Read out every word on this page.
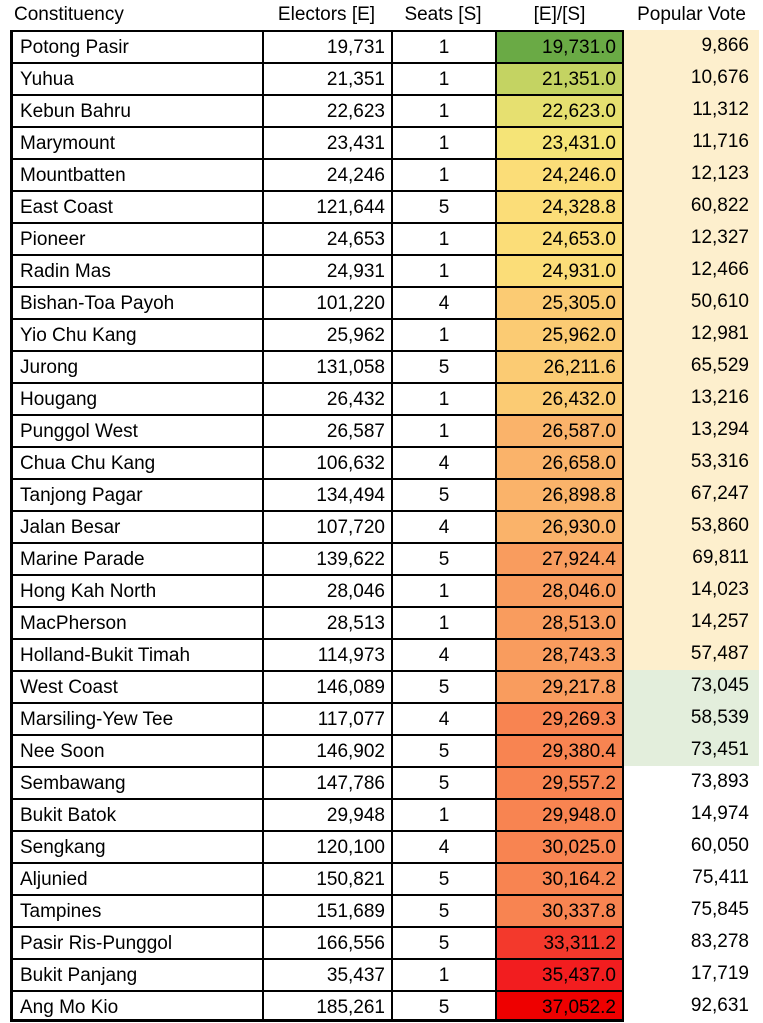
Constituency	Electors [E]	Seats [S]	[E]/[S]	Popular Vote
Potong Pasir	19,731	1	19,731.0	9,866
Yuhua	21,351	1	21,351.0	10,676
Kebun Bahru	22,623	1	22,623.0	11,312
Marymount	23,431	1	23,431.0	11,716
Mountbatten	24,246	1	24,246.0	12,123
East Coast	121,644	5	24,328.8	60,822
Pioneer	24,653	1	24,653.0	12,327
Radin Mas	24,931	1	24,931.0	12,466
Bishan-Toa Payoh	101,220	4	25,305.0	50,610
Yio Chu Kang	25,962	1	25,962.0	12,981
Jurong	131,058	5	26,211.6	65,529
Hougang	26,432	1	26,432.0	13,216
Punggol West	26,587	1	26,587.0	13,294
Chua Chu Kang	106,632	4	26,658.0	53,316
Tanjong Pagar	134,494	5	26,898.8	67,247
Jalan Besar	107,720	4	26,930.0	53,860
Marine Parade	139,622	5	27,924.4	69,811
Hong Kah North	28,046	1	28,046.0	14,023
MacPherson	28,513	1	28,513.0	14,257
Holland-Bukit Timah	114,973	4	28,743.3	57,487
West Coast	146,089	5	29,217.8	73,045
Marsiling-Yew Tee	117,077	4	29,269.3	58,539
Nee Soon	146,902	5	29,380.4	73,451
Sembawang	147,786	5	29,557.2	73,893
Bukit Batok	29,948	1	29,948.0	14,974
Sengkang	120,100	4	30,025.0	60,050
Aljunied	150,821	5	30,164.2	75,411
Tampines	151,689	5	30,337.8	75,845
Pasir Ris-Punggol	166,556	5	33,311.2	83,278
Bukit Panjang	35,437	1	35,437.0	17,719
Ang Mo Kio	185,261	5	37,052.2	92,631
